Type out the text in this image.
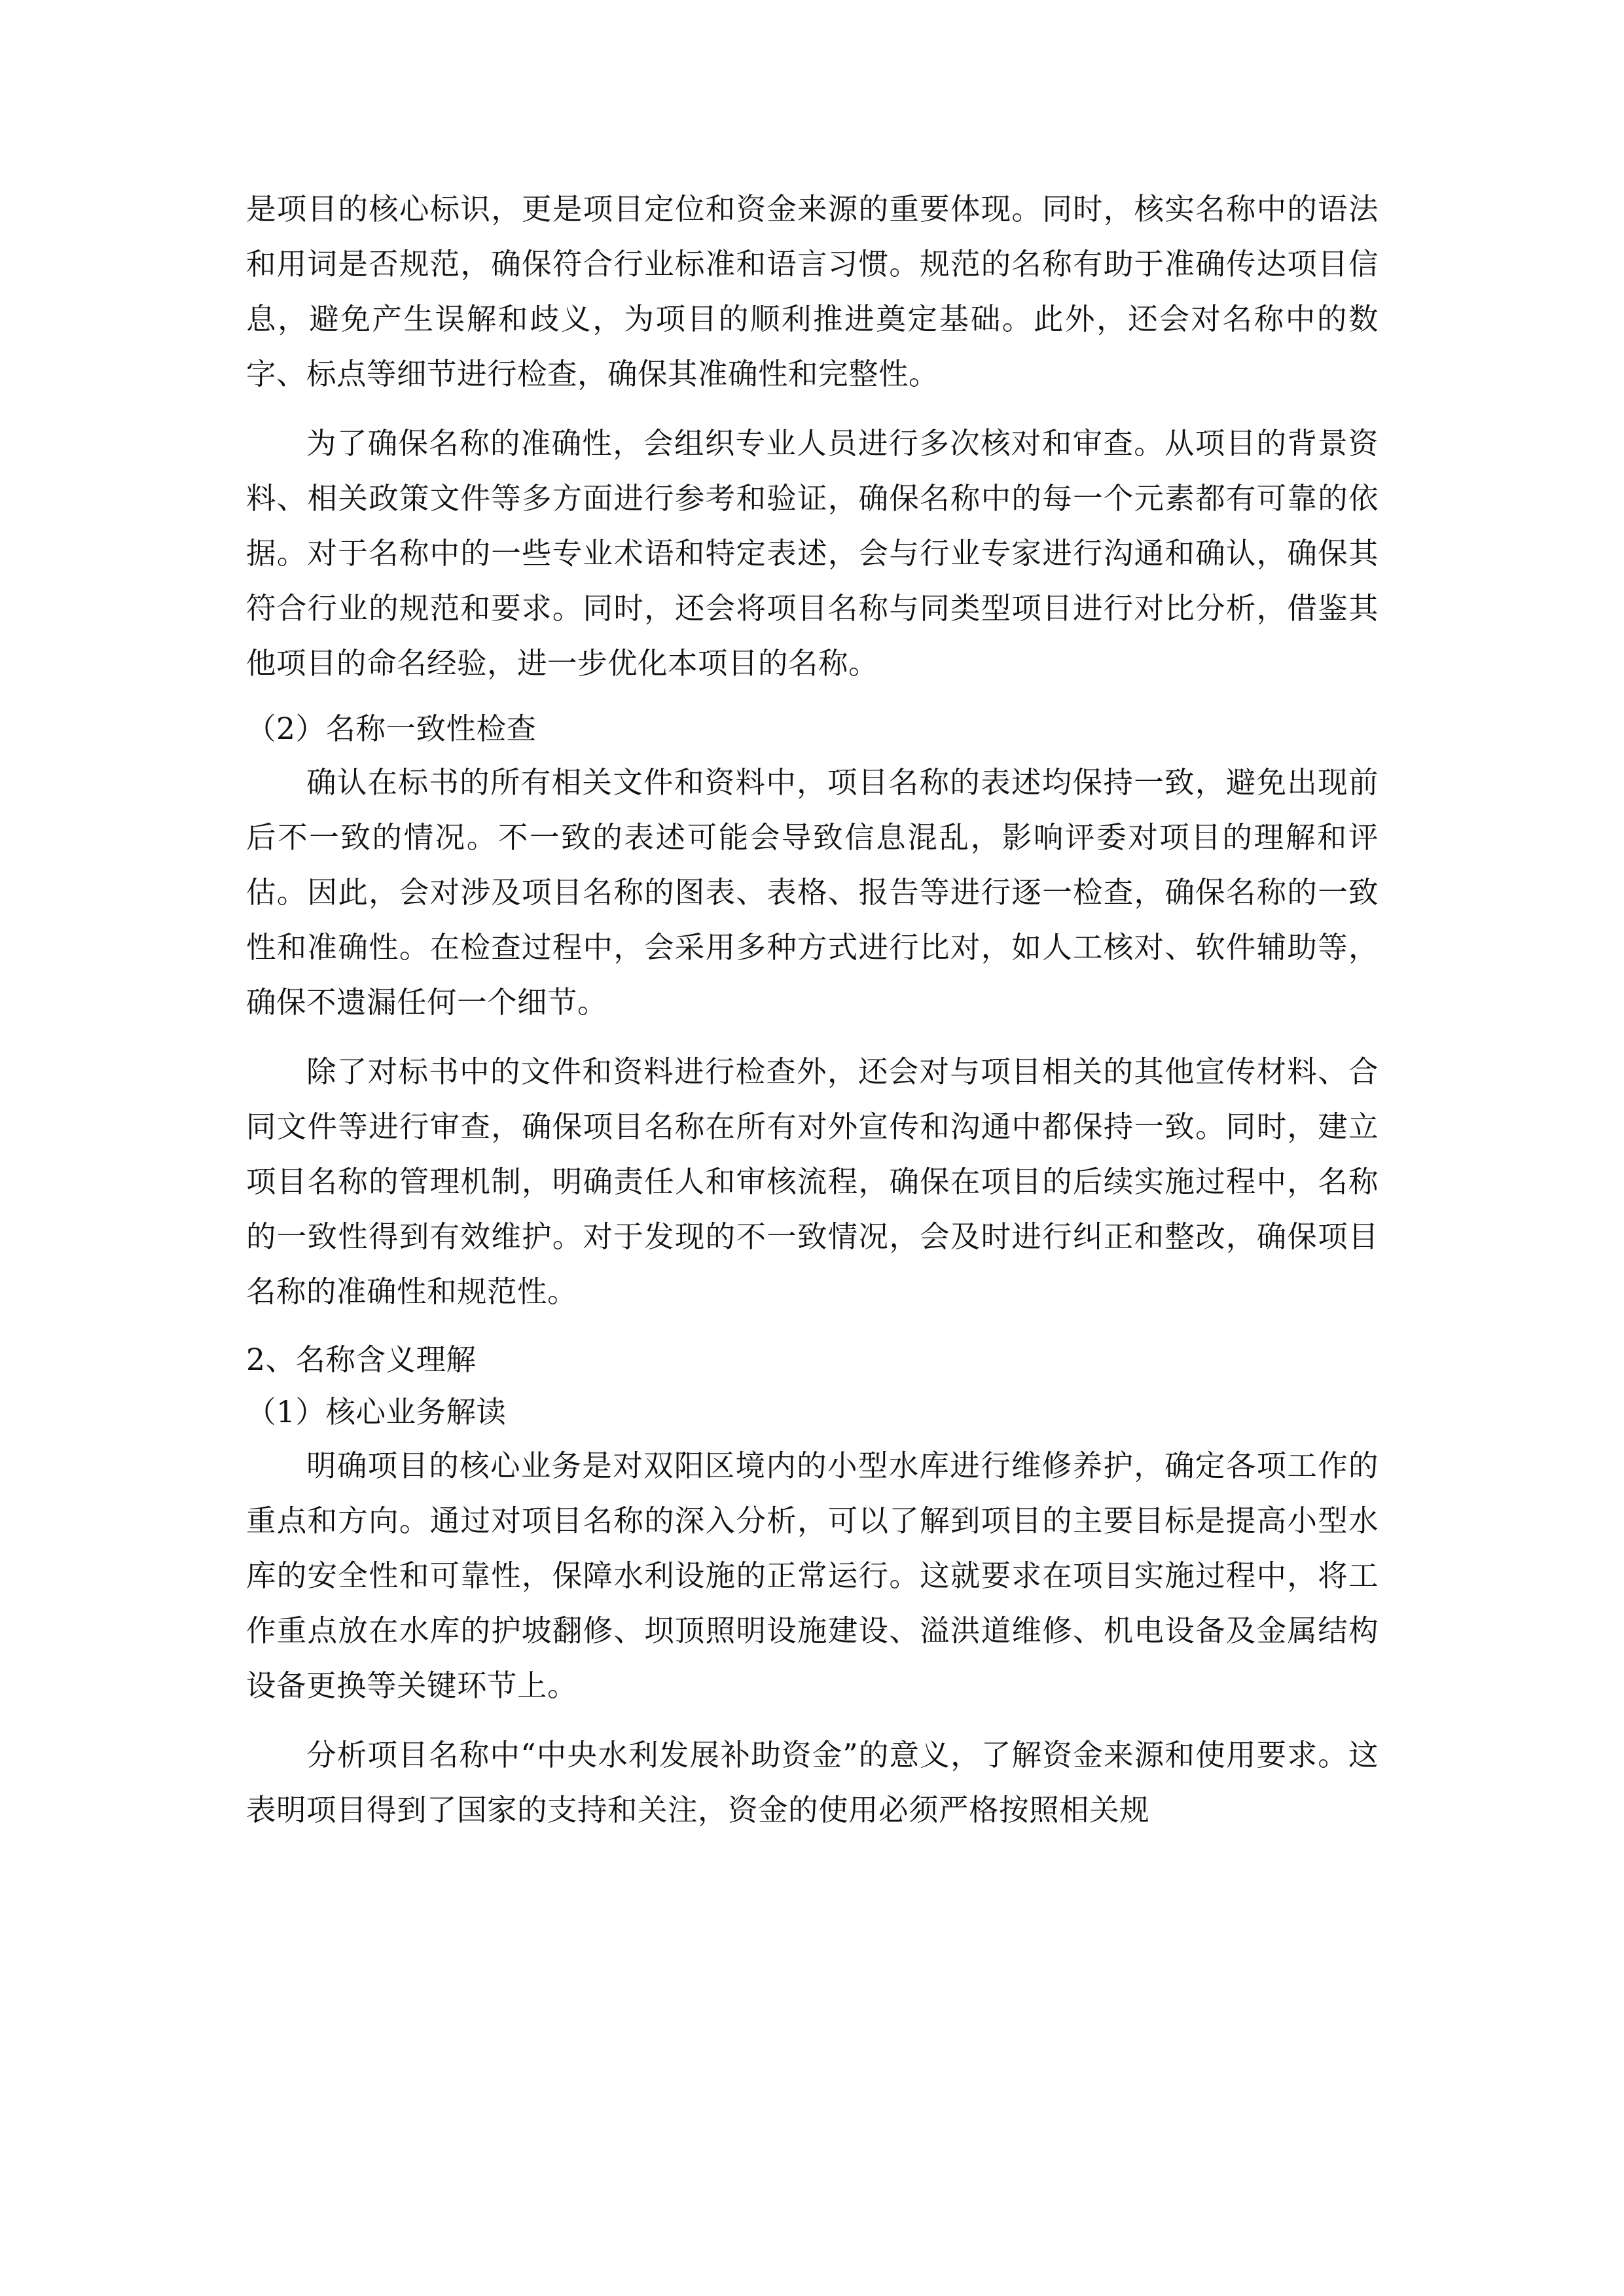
是项目的核心标识，更是项目定位和资金来源的重要体现。同时，核实名称中的语法和用词是否规范，确保符合行业标准和语言习惯。规范的名称有助于准确传达项目信息，避免产生误解和歧义，为项目的顺利推进奠定基础。此外，还会对名称中的数字、标点等细节进行检查，确保其准确性和完整性。

为了确保名称的准确性，会组织专业人员进行多次核对和审查。从项目的背景资料、相关政策文件等多方面进行参考和验证，确保名称中的每一个元素都有可靠的依据。对于名称中的一些专业术语和特定表述，会与行业专家进行沟通和确认，确保其符合行业的规范和要求。同时，还会将项目名称与同类型项目进行对比分析，借鉴其他项目的命名经验，进一步优化本项目的名称。

（2）名称一致性检查

确认在标书的所有相关文件和资料中，项目名称的表述均保持一致，避免出现前后不一致的情况。不一致的表述可能会导致信息混乱，影响评委对项目的理解和评估。因此，会对涉及项目名称的图表、表格、报告等进行逐一检查，确保名称的一致性和准确性。在检查过程中，会采用多种方式进行比对，如人工核对、软件辅助等，确保不遗漏任何一个细节。

除了对标书中的文件和资料进行检查外，还会对与项目相关的其他宣传材料、合同文件等进行审查，确保项目名称在所有对外宣传和沟通中都保持一致。同时，建立项目名称的管理机制，明确责任人和审核流程，确保在项目的后续实施过程中，名称的一致性得到有效维护。对于发现的不一致情况，会及时进行纠正和整改，确保项目名称的准确性和规范性。

2、名称含义理解

（1）核心业务解读

明确项目的核心业务是对双阳区境内的小型水库进行维修养护，确定各项工作的重点和方向。通过对项目名称的深入分析，可以了解到项目的主要目标是提高小型水库的安全性和可靠性，保障水利设施的正常运行。这就要求在项目实施过程中，将工作重点放在水库的护坡翻修、坝顶照明设施建设、溢洪道维修、机电设备及金属结构设备更换等关键环节上。

分析项目名称中“中央水利发展补助资金”的意义，了解资金来源和使用要求。这表明项目得到了国家的支持和关注，资金的使用必须严格按照相关规
